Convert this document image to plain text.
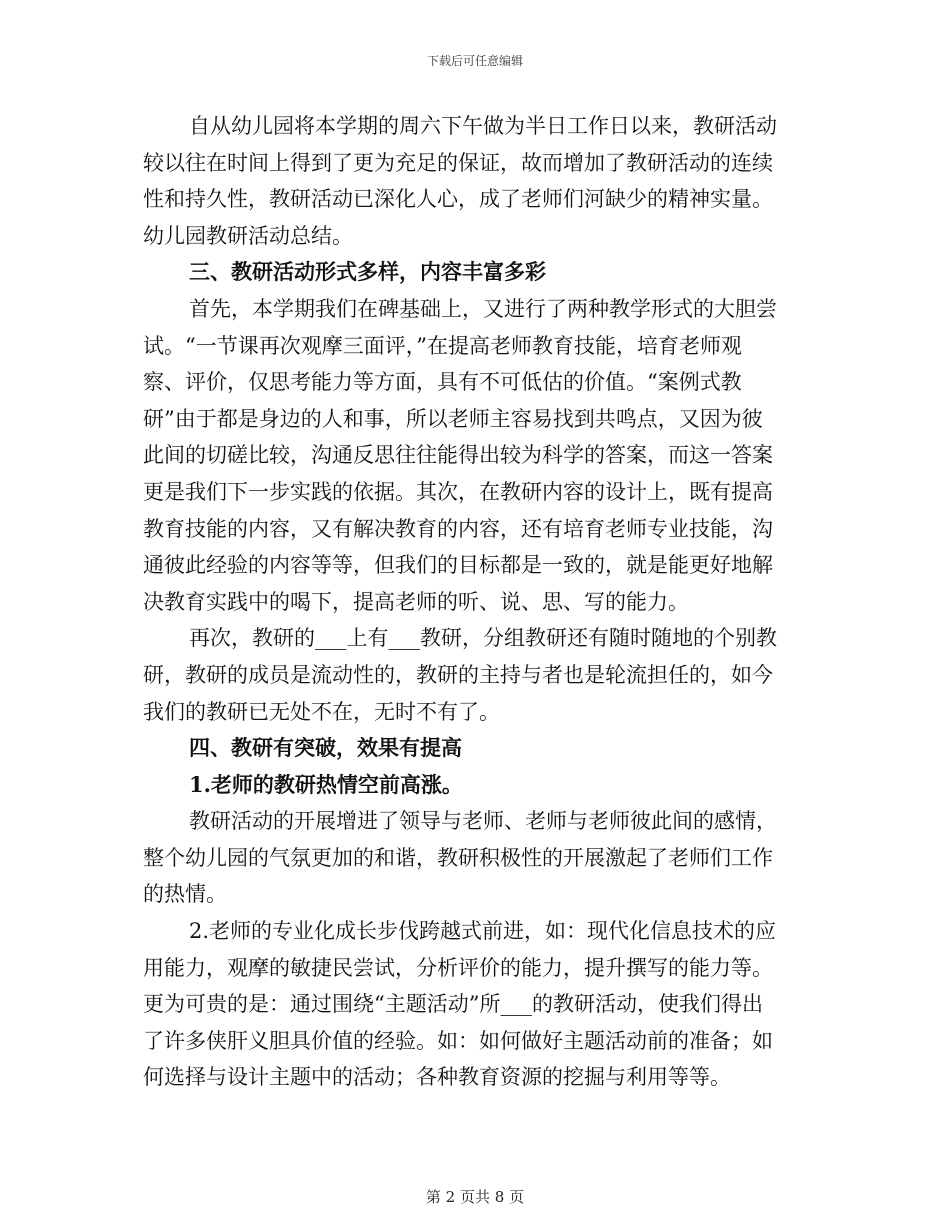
下载后可任意编辑
自从幼儿园将本学期的周六下午做为半日工作日以来，教研活动
较以往在时间上得到了更为充足的保证，故而增加了教研活动的连续
性和持久性，教研活动已深化人心，成了老师们河缺少的精神实量。
幼儿园教研活动总结。
三、教研活动形式多样，内容丰富多彩
首先，本学期我们在碑基础上，又进行了两种教学形式的大胆尝
试。“一节课再次观摩三面评，”在提高老师教育技能，培育老师观
察、评价，仅思考能力等方面，具有不可低估的价值。“案例式教
研”由于都是身边的人和事，所以老师主容易找到共鸣点，又因为彼
此间的切磋比较，沟通反思往往能得出较为科学的答案，而这一答案
更是我们下一步实践的依据。其次，在教研内容的设计上，既有提高
教育技能的内容，又有解决教育的内容，还有培育老师专业技能，沟
通彼此经验的内容等等，但我们的目标都是一致的，就是能更好地解
决教育实践中的喝下，提高老师的听、说、思、写的能力。
再次，教研的___上有___教研，分组教研还有随时随地的个别教
研，教研的成员是流动性的，教研的主持与者也是轮流担任的，如今
我们的教研已无处不在，无时不有了。
四、教研有突破，效果有提高
1.老师的教研热情空前高涨。
教研活动的开展增进了领导与老师、老师与老师彼此间的感情，
整个幼儿园的气氛更加的和谐，教研积极性的开展激起了老师们工作
的热情。
2.老师的专业化成长步伐跨越式前进，如：现代化信息技术的应
用能力，观摩的敏捷民尝试，分析评价的能力，提升撰写的能力等。
更为可贵的是：通过围绕“主题活动”所___的教研活动，使我们得出
了许多侠肝义胆具价值的经验。如：如何做好主题活动前的准备；如
何选择与设计主题中的活动；各种教育资源的挖掘与利用等等。
第 2 页共 8 页
